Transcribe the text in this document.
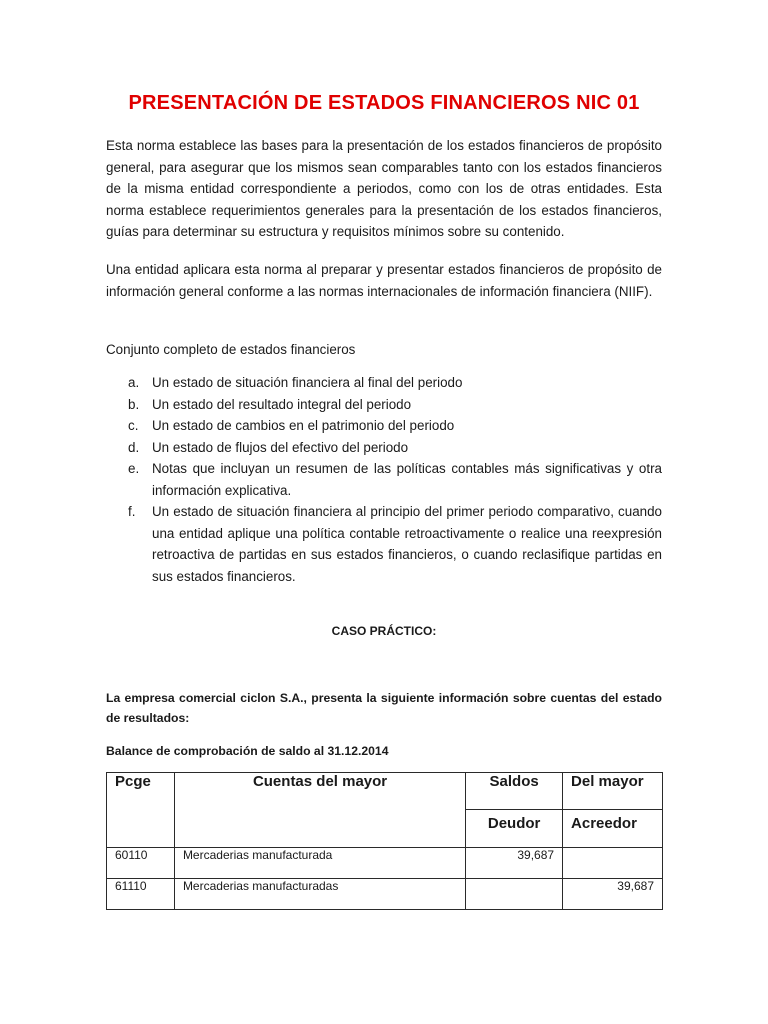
PRESENTACIÓN DE ESTADOS FINANCIEROS NIC 01

Esta norma establece las bases para la presentación de los estados financieros de propósito general, para asegurar que los mismos sean comparables tanto con los estados financieros de la misma entidad correspondiente a periodos, como con los de otras entidades. Esta norma establece requerimientos generales para la presentación de los estados financieros, guías para determinar su estructura y requisitos mínimos sobre su contenido.

Una entidad aplicara esta norma al preparar y presentar estados financieros de propósito de información general conforme a las normas internacionales de información financiera (NIIF).

Conjunto completo de estados financieros

a. Un estado de situación financiera al final del periodo
b. Un estado del resultado integral del periodo
c. Un estado de cambios en el patrimonio del periodo
d. Un estado de flujos del efectivo del periodo
e. Notas que incluyan un resumen de las políticas contables más significativas y otra información explicativa.
f. Un estado de situación financiera al principio del primer periodo comparativo, cuando una entidad aplique una política contable retroactivamente o realice una reexpresión retroactiva de partidas en sus estados financieros, o cuando reclasifique partidas en sus estados financieros.

CASO PRÁCTICO:

La empresa comercial ciclon S.A., presenta la siguiente información sobre cuentas del estado de resultados:

Balance de comprobación de saldo al 31.12.2014

Pcge	Cuentas del mayor	Saldos	Del mayor
		Deudor	Acreedor
60110	Mercaderias manufacturada	39,687	
61110	Mercaderias manufacturadas		39,687
